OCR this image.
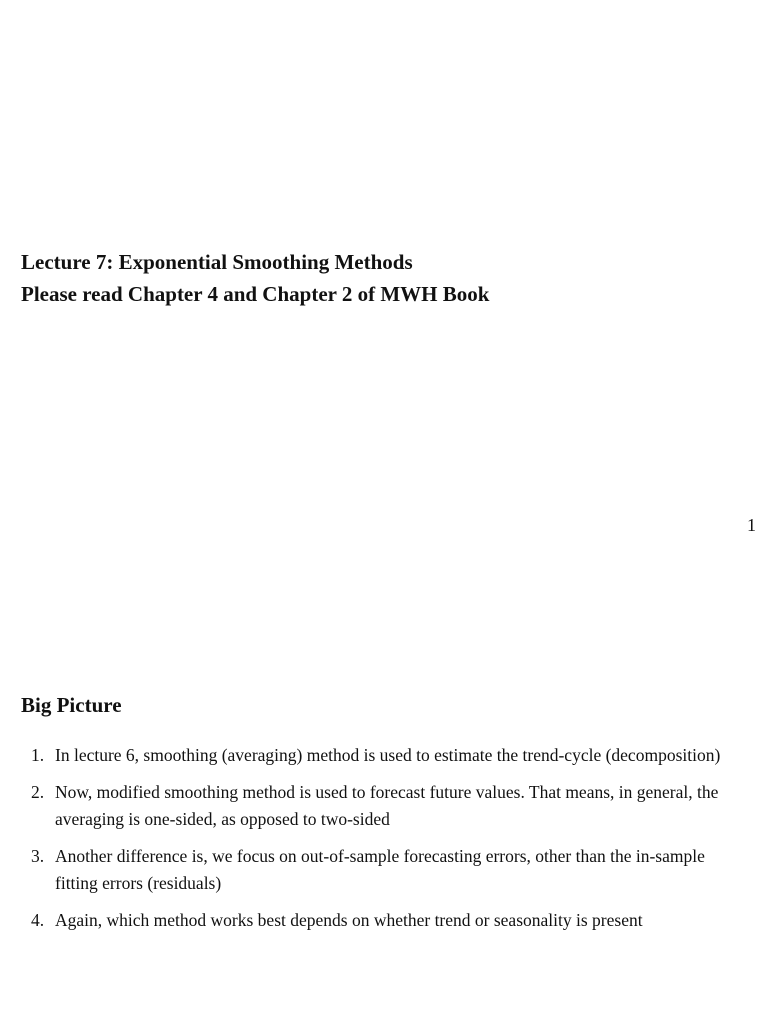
Lecture 7: Exponential Smoothing Methods
Please read Chapter 4 and Chapter 2 of MWH Book
1
Big Picture
1. In lecture 6, smoothing (averaging) method is used to estimate the trend-cycle (decomposition)
2. Now, modified smoothing method is used to forecast future values. That means, in general, the averaging is one-sided, as opposed to two-sided
3. Another difference is, we focus on out-of-sample forecasting errors, other than the in-sample fitting errors (residuals)
4. Again, which method works best depends on whether trend or seasonality is present
